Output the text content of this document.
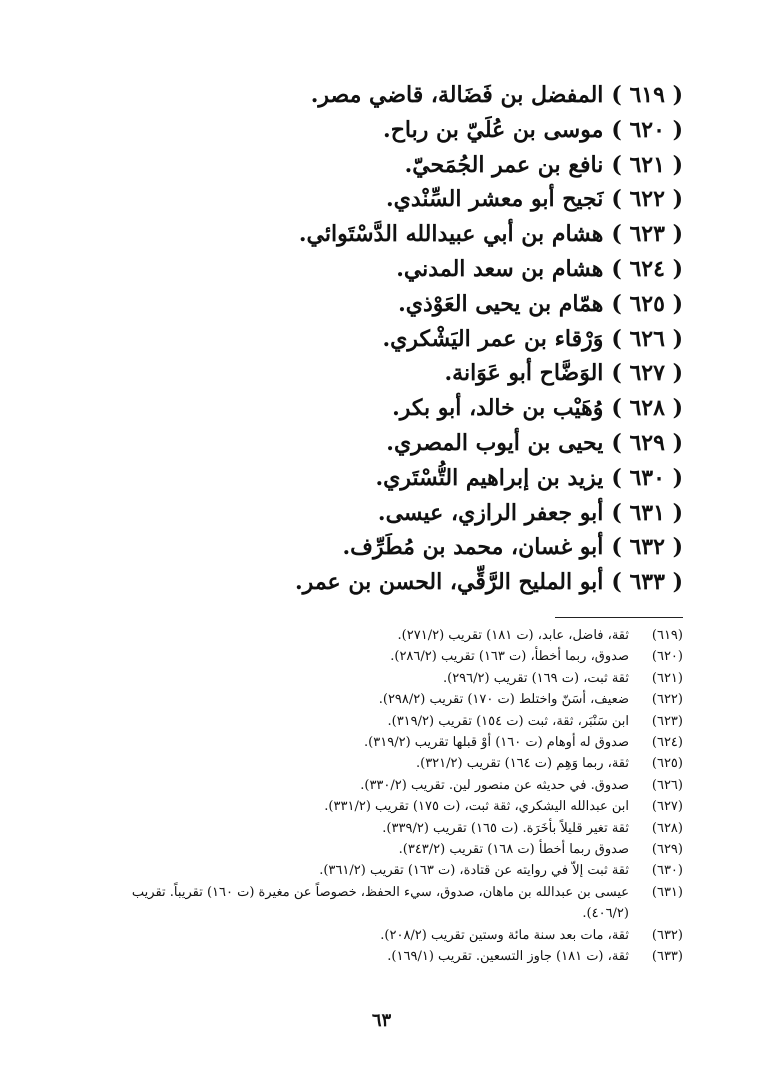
( ٦١٩ )المفضل بن فَضَالة، قاضي مصر.
( ٦٢٠ )موسى بن عُلَيّ بن رباح.
( ٦٢١ )نافع بن عمر الجُمَحيّ.
( ٦٢٢ )نَجيح أبو معشر السِّنْدي.
( ٦٢٣ )هشام بن أبي عبيدالله الدَّسْتَوائي.
( ٦٢٤ )هشام بن سعد المدني.
( ٦٢٥ )همّام بن يحيى العَوْذي.
( ٦٢٦ )وَرْقاء بن عمر اليَشْكري.
( ٦٢٧ )الوَضَّاح أبو عَوَانة.
( ٦٢٨ )وُهَيْب بن خالد، أبو بكر.
( ٦٢٩ )يحيى بن أيوب المصري.
( ٦٣٠ )يزيد بن إبراهيم التُّسْتَري.
( ٦٣١ )أبو جعفر الرازي، عيسى.
( ٦٣٢ )أبو غسان، محمد بن مُطَرِّف.
( ٦٣٣ )أبو المليح الرَّقِّي، الحسن بن عمر.
(٦١٩)
ثقة، فاضل، عابد، (ت ١٨١) تقريب (٢٧١/٢).
(٦٢٠)
صدوق، ربما أخطأ، (ت ١٦٣) تقريب (٢٨٦/٢).
(٦٢١)
ثقة ثبت، (ت ١٦٩) تقريب (٢٩٦/٢).
(٦٢٢)
ضعيف، أسَنّ واختلط (ت ١٧٠) تقريب (٢٩٨/٢).
(٦٢٣)
ابن سَنْبَر، ثقة، ثبت (ت ١٥٤) تقريب (٣١٩/٢).
(٦٢٤)
صدوق له أوهام (ت ١٦٠) أوْ قبلها تقريب (٣١٩/٢).
(٦٢٥)
ثقة، ربما وَهِم (ت ١٦٤) تقريب (٣٢١/٢).
(٦٢٦)
صدوق. في حديثه عن منصور لين. تقريب (٣٣٠/٢).
(٦٢٧)
ابن عبدالله اليشكري، ثقة ثبت، (ت ١٧٥) تقريب (٣٣١/٢).
(٦٢٨)
ثقة تغير قليلاً بأخَرَة. (ت ١٦٥) تقريب (٣٣٩/٢).
(٦٢٩)
صدوق ربما أخطأ (ت ١٦٨) تقريب (٣٤٣/٢).
(٦٣٠)
ثقة ثبت إلاّ في روايته عن قتادة، (ت ١٦٣) تقريب (٣٦١/٢).
(٦٣١)
عيسى بن عبدالله بن ماهان، صدوق، سيء الحفظ، خصوصاً عن مغيرة (ت ١٦٠) تقريباً. تقريب (٤٠٦/٢).
(٦٣٢)
ثقة، مات بعد سنة مائة وستين تقريب (٢٠٨/٢).
(٦٣٣)
ثقة، (ت ١٨١) جاوز التسعين. تقريب (١٦٩/١).
٦٣
